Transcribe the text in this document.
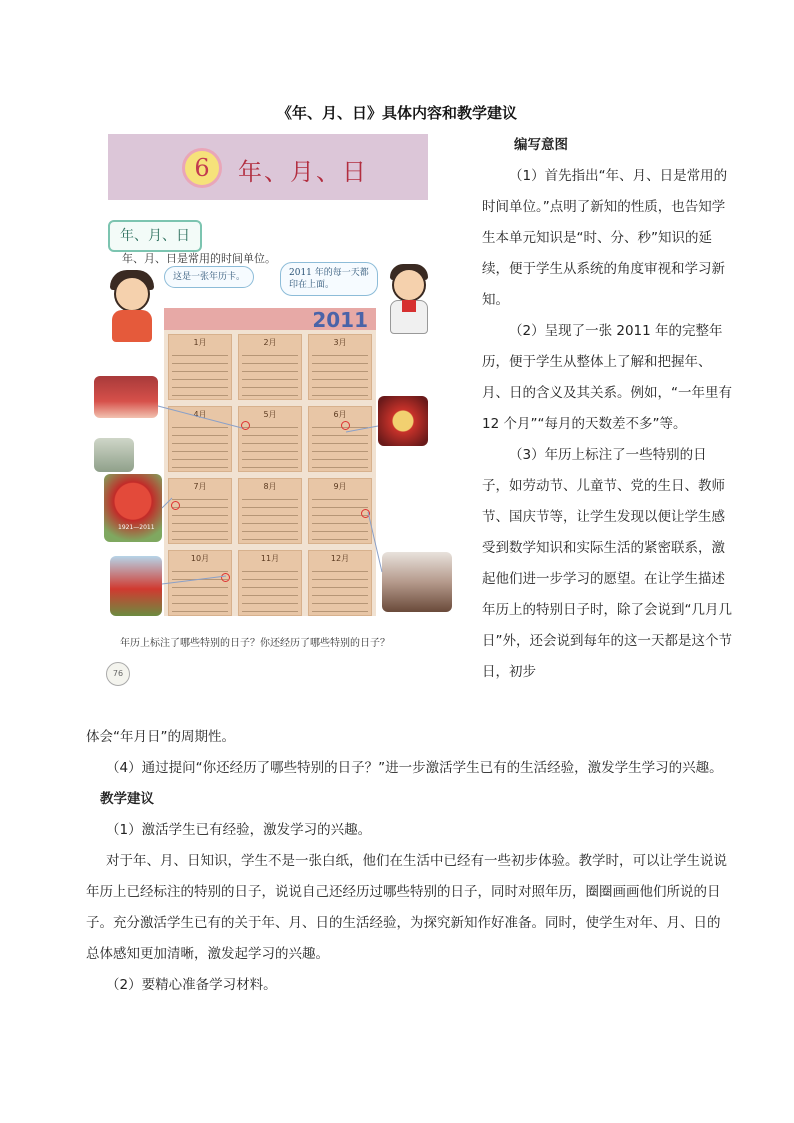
《年、月、日》具体内容和教学建议
6	年、月、日
年、月、日
年、月、日是常用的时间单位。
这是一张年历卡。	2011 年的每一天都印在上面。
2011
1月	2月	3月
4月	5月	6月
7月	8月	9月
10月	11月	12月
1921—2011
年历上标注了哪些特别的日子？你还经历了哪些特别的日子？
76

编写意图

（1）首先指出“年、月、日是常用的时间单位。”点明了新知的性质，也告知学生本单元知识是“时、分、秒”知识的延续，便于学生从系统的角度审视和学习新知。

（2）呈现了一张 2011 年的完整年历，便于学生从整体上了解和把握年、月、日的含义及其关系。例如，“一年里有 12 个月”“每月的天数差不多”等。

（3）年历上标注了一些特别的日子，如劳动节、儿童节、党的生日、教师节、国庆节等，让学生发现以便让学生感受到数学知识和实际生活的紧密联系，激起他们进一步学习的愿望。在让学生描述年历上的特别日子时，除了会说到“几月几日”外，还会说到每年的这一天都是这个节日，初步

体会“年月日”的周期性。

（4）通过提问“你还经历了哪些特别的日子？”进一步激活学生已有的生活经验，激发学生学习的兴趣。

教学建议

（1）激活学生已有经验，激发学习的兴趣。

对于年、月、日知识，学生不是一张白纸，他们在生活中已经有一些初步体验。教学时，可以让学生说说年历上已经标注的特别的日子，说说自己还经历过哪些特别的日子，同时对照年历，圈圈画画他们所说的日子。充分激活学生已有的关于年、月、日的生活经验，为探究新知作好准备。同时，使学生对年、月、日的总体感知更加清晰，激发起学习的兴趣。

（2）要精心准备学习材料。
